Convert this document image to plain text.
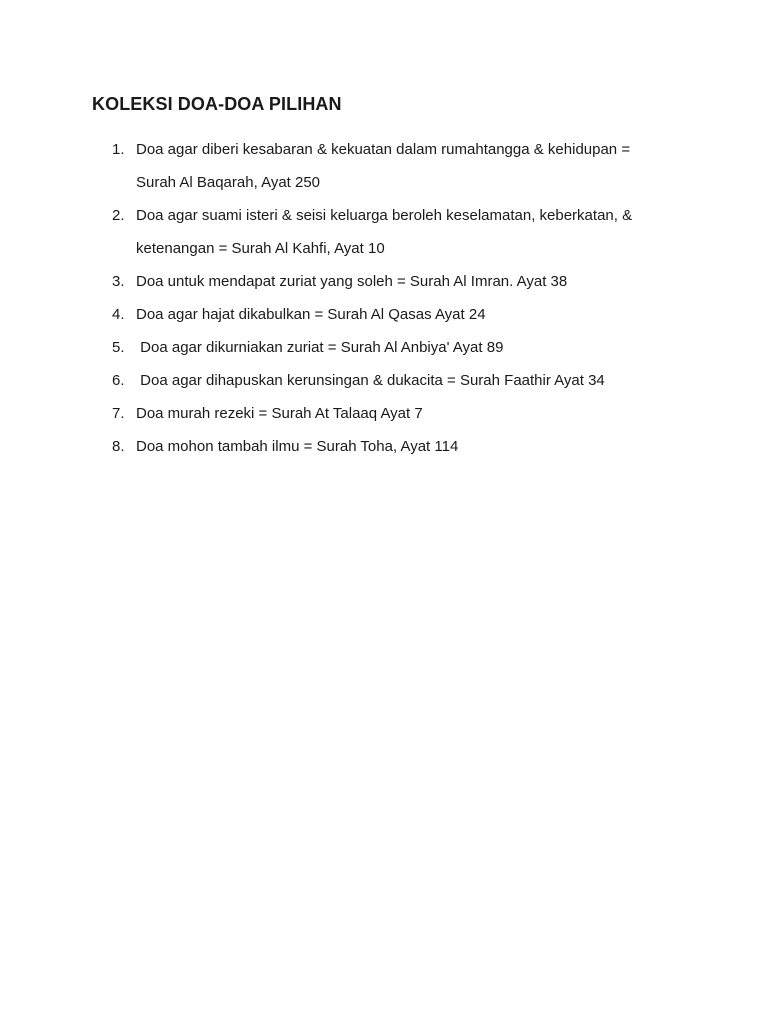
KOLEKSI DOA-DOA PILIHAN
1. Doa agar diberi kesabaran & kekuatan dalam rumahtangga & kehidupan =
Surah Al Baqarah, Ayat 250
2. Doa agar suami isteri & seisi keluarga beroleh keselamatan, keberkatan, &
ketenangan = Surah Al Kahfi, Ayat 10
3. Doa untuk mendapat zuriat yang soleh = Surah Al Imran. Ayat 38
4. Doa agar hajat dikabulkan = Surah Al Qasas Ayat 24
5. Doa agar dikurniakan zuriat = Surah Al Anbiya' Ayat 89
6. Doa agar dihapuskan kerunsingan & dukacita = Surah Faathir Ayat 34
7. Doa murah rezeki = Surah At Talaaq Ayat 7
8. Doa mohon tambah ilmu = Surah Toha, Ayat 114
